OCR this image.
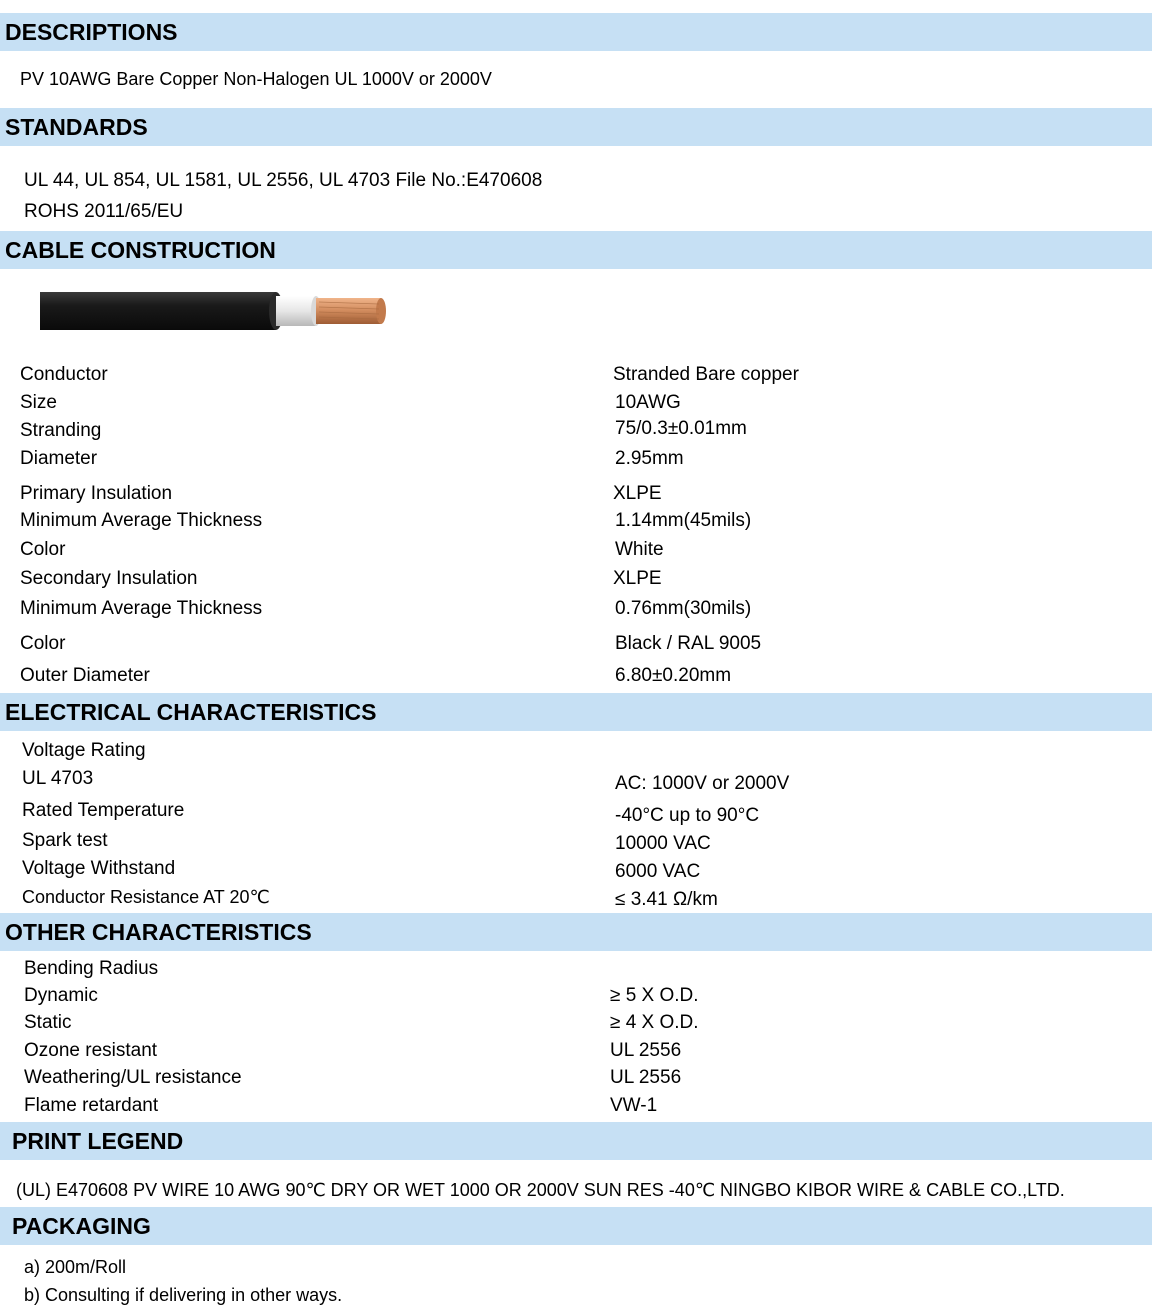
DESCRIPTIONS
PV 10AWG Bare Copper Non-Halogen UL 1000V or 2000V
STANDARDS
UL 44, UL 854, UL 1581, UL 2556, UL 4703 File No.:E470608
ROHS 2011/65/EU
CABLE CONSTRUCTION
Conductor	Stranded Bare copper
Size	10AWG
Stranding	75/0.3±0.01mm
Diameter	2.95mm
Primary Insulation	XLPE
Minimum Average Thickness	1.14mm(45mils)
Color	White
Secondary Insulation	XLPE
Minimum Average Thickness	0.76mm(30mils)
Color	Black / RAL 9005
Outer Diameter	6.80±0.20mm
ELECTRICAL CHARACTERISTICS
Voltage Rating
UL 4703	AC: 1000V or 2000V
Rated Temperature	-40°C up to 90°C
Spark test	10000 VAC
Voltage Withstand	6000 VAC
Conductor Resistance AT 20℃	≤ 3.41 Ω/km
OTHER CHARACTERISTICS
Bending Radius
Dynamic	≥ 5 X O.D.
Static	≥ 4 X O.D.
Ozone resistant	UL 2556
Weathering/UL resistance	UL 2556
Flame retardant	VW-1
PRINT LEGEND
(UL) E470608 PV WIRE 10 AWG 90℃ DRY OR WET 1000 OR 2000V SUN RES -40℃ NINGBO KIBOR WIRE & CABLE CO.,LTD.
PACKAGING
a) 200m/Roll
b) Consulting if delivering in other ways.
